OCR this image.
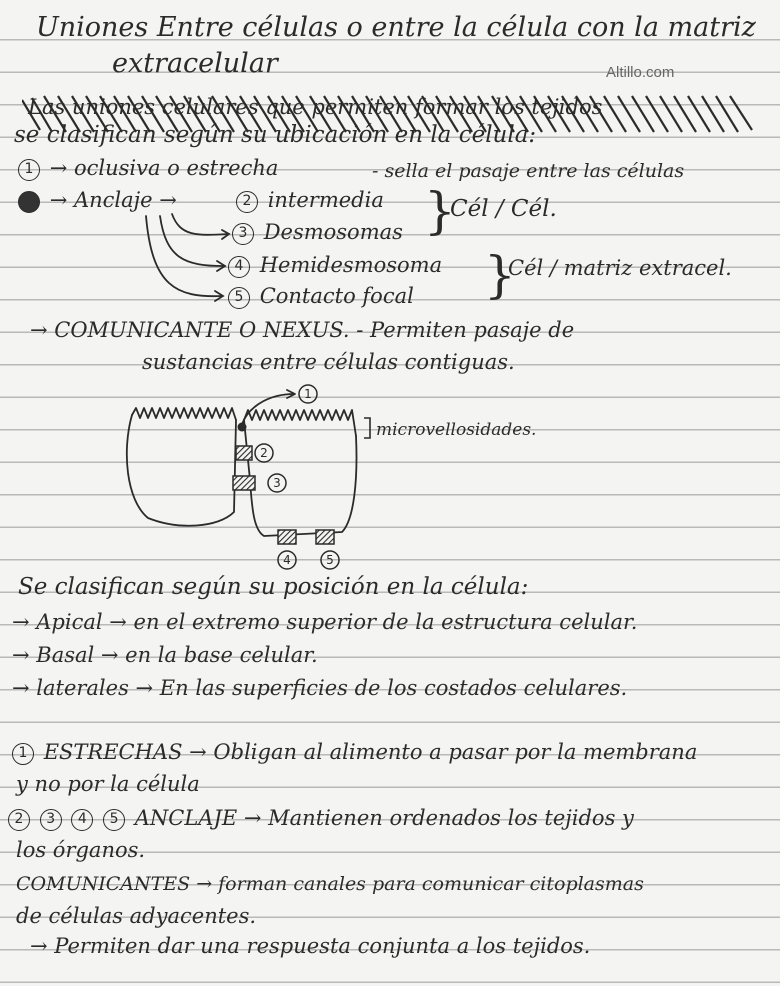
Uniones Entre células o entre la célula con la matriz
extracelular	Altillo.com
Las uniones celulares que permiten formar los tejidos
se clasifican según su ubicación en la célula:
1 → oclusiva o estrecha	- sella el pasaje entre las células
→ Anclaje →	2 intermedia
3 Desmosomas
4 Hemidesmosoma
5 Contacto focal
}
Cél / Cél.
}
Cél / matriz extracel.
→ COMUNICANTE O NEXUS. - Permiten pasaje de
sustancias entre células contiguas.
1
2
3
4	5
microvellosidades.
Se clasifican según su posición en la célula:
→ Apical → en el extremo superior de la estructura celular.
→ Basal → en la base celular.
→ laterales → En las superficies de los costados celulares.
1 ESTRECHAS → Obligan al alimento a pasar por la membrana
y no por la célula
2 3 4 5 ANCLAJE → Mantienen ordenados los tejidos y
los órganos.
COMUNICANTES → forman canales para comunicar citoplasmas
de células adyacentes.
→ Permiten dar una respuesta conjunta a los tejidos.
